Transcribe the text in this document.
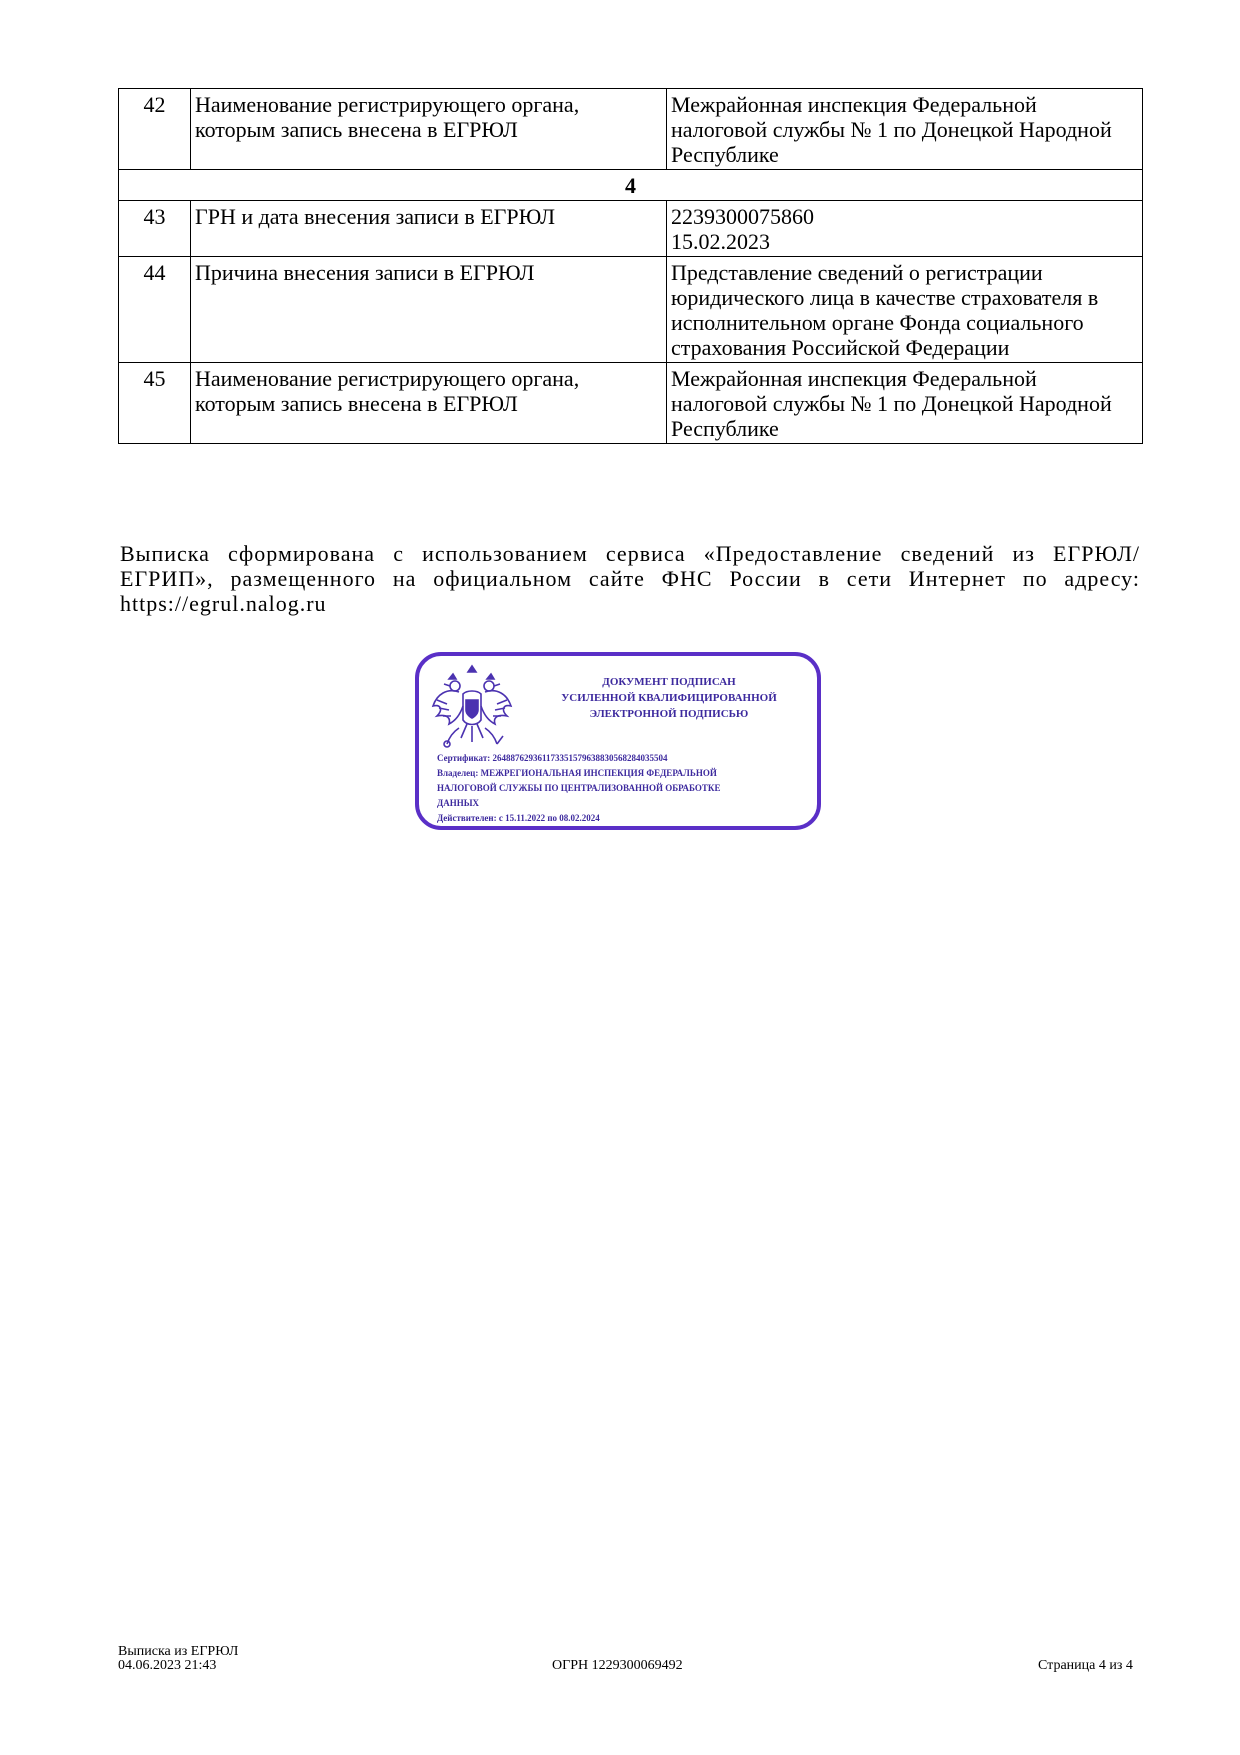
42	Наименование регистрирующего органа, которым запись внесена в ЕГРЮЛ	Межрайонная инспекция Федеральной налоговой службы № 1 по Донецкой Народной Республике

4		
43	ГРН и дата внесения записи в ЕГРЮЛ	2239300075860
15.02.2023

44	Причина внесения записи в ЕГРЮЛ	Представление сведений о регистрации юридического лица в качестве страхователя в исполнительном органе Фонда социального страхования Российской Федерации

45	Наименование регистрирующего органа, которым запись внесена в ЕГРЮЛ	Межрайонная инспекция Федеральной налоговой службы № 1 по Донецкой Народной Республике

Выписка сформирована с использованием сервиса «Предоставление сведений из ЕГРЮЛ/ЕГРИП», размещенного на официальном сайте ФНС России в сети Интернет по адресу: https://egrul.nalog.ru

ДОКУМЕНТ ПОДПИСАН
УСИЛЕННОЙ КВАЛИФИЦИРОВАННОЙ
ЭЛЕКТРОННОЙ ПОДПИСЬЮ
Сертификат: 264887629361173351579638830568284035504
Владелец: МЕЖРЕГИОНАЛЬНАЯ ИНСПЕКЦИЯ ФЕДЕРАЛЬНОЙ
НАЛОГОВОЙ СЛУЖБЫ ПО ЦЕНТРАЛИЗОВАННОЙ ОБРАБОТКЕ
ДАННЫХ
Действителен: с 15.11.2022 по 08.02.2024
Выписка из ЕГРЮЛ
04.06.2023 21:43	ОГРН 1229300069492	Страница 4 из 4
